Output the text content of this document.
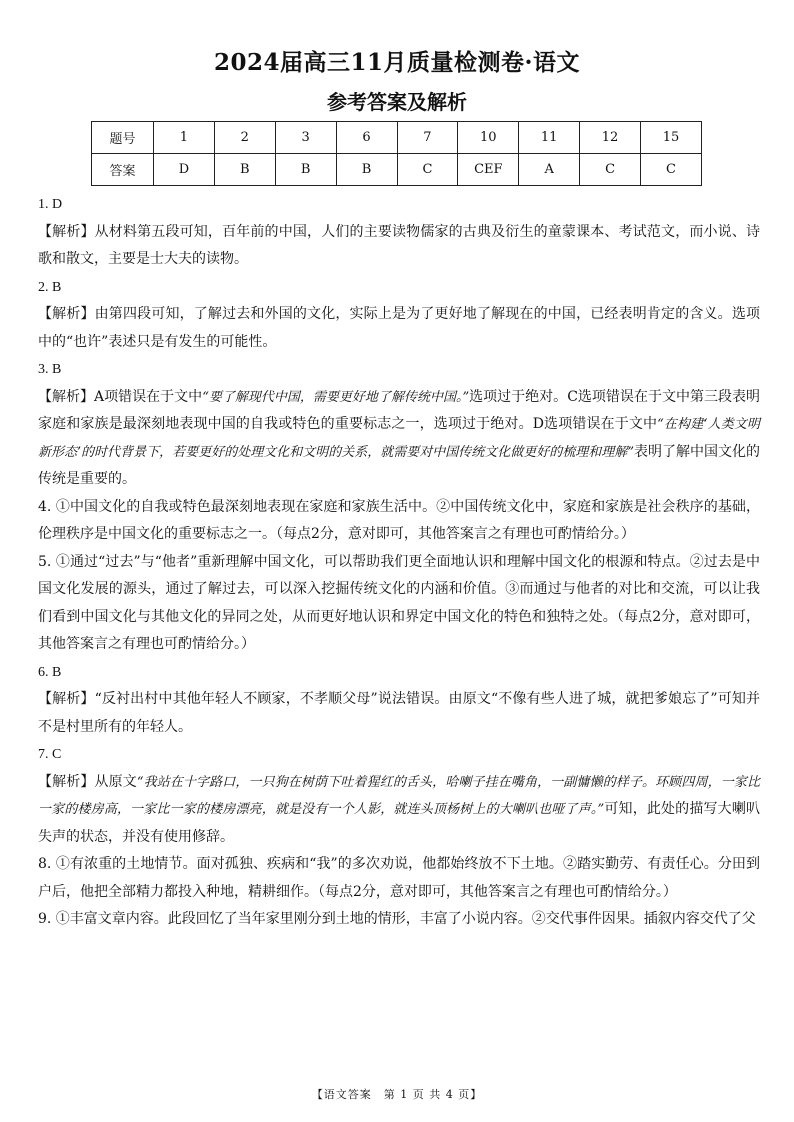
2024届高三11月质量检测卷·语文
参考答案及解析
题号	1	2	3	6	7	10	11	12	15
答案	D	B	B	B	C	CEF	A	C	C

1. D

【解析】从材料第五段可知，百年前的中国，人们的主要读物儒家的古典及衍生的童蒙课本、考试范文，而小说、诗歌和散文，主要是士大夫的读物。

2. B

【解析】由第四段可知，了解过去和外国的文化，实际上是为了更好地了解现在的中国，已经表明肯定的含义。选项中的“也许”表述只是有发生的可能性。

3. B

【解析】A项错误在于文中“要了解现代中国，需要更好地了解传统中国。”选项过于绝对。C选项错误在于文中第三段表明家庭和家族是最深刻地表现中国的自我或特色的重要标志之一，选项过于绝对。D选项错误在于文中“在构建‘人类文明新形态’的时代背景下，若要更好的处理文化和文明的关系，就需要对中国传统文化做更好的梳理和理解”表明了解中国文化的传统是重要的。

4. ①中国文化的自我或特色最深刻地表现在家庭和家族生活中。②中国传统文化中，家庭和家族是社会秩序的基础，伦理秩序是中国文化的重要标志之一。（每点2分，意对即可，其他答案言之有理也可酌情给分。）

5. ①通过“过去”与“他者”重新理解中国文化，可以帮助我们更全面地认识和理解中国文化的根源和特点。②过去是中国文化发展的源头，通过了解过去，可以深入挖掘传统文化的内涵和价值。③而通过与他者的对比和交流，可以让我们看到中国文化与其他文化的异同之处，从而更好地认识和界定中国文化的特色和独特之处。（每点2分，意对即可，其他答案言之有理也可酌情给分。）

6. B

【解析】“反衬出村中其他年轻人不顾家，不孝顺父母”说法错误。由原文“不像有些人进了城，就把爹娘忘了”可知并不是村里所有的年轻人。

7. C

【解析】从原文“我站在十字路口，一只狗在树荫下吐着猩红的舌头，哈喇子挂在嘴角，一副慵懒的样子。环顾四周，一家比一家的楼房高，一家比一家的楼房漂亮，就是没有一个人影，就连头顶杨树上的大喇叭也哑了声。”可知，此处的描写大喇叭失声的状态，并没有使用修辞。

8. ①有浓重的土地情节。面对孤独、疾病和“我”的多次劝说，他都始终放不下土地。②踏实勤劳、有责任心。分田到户后，他把全部精力都投入种地，精耕细作。（每点2分，意对即可，其他答案言之有理也可酌情给分。）

9. ①丰富文章内容。此段回忆了当年家里刚分到土地的情形，丰富了小说内容。②交代事件因果。插叙内容交代了父

【语文答案　第 1 页 共 4 页】
